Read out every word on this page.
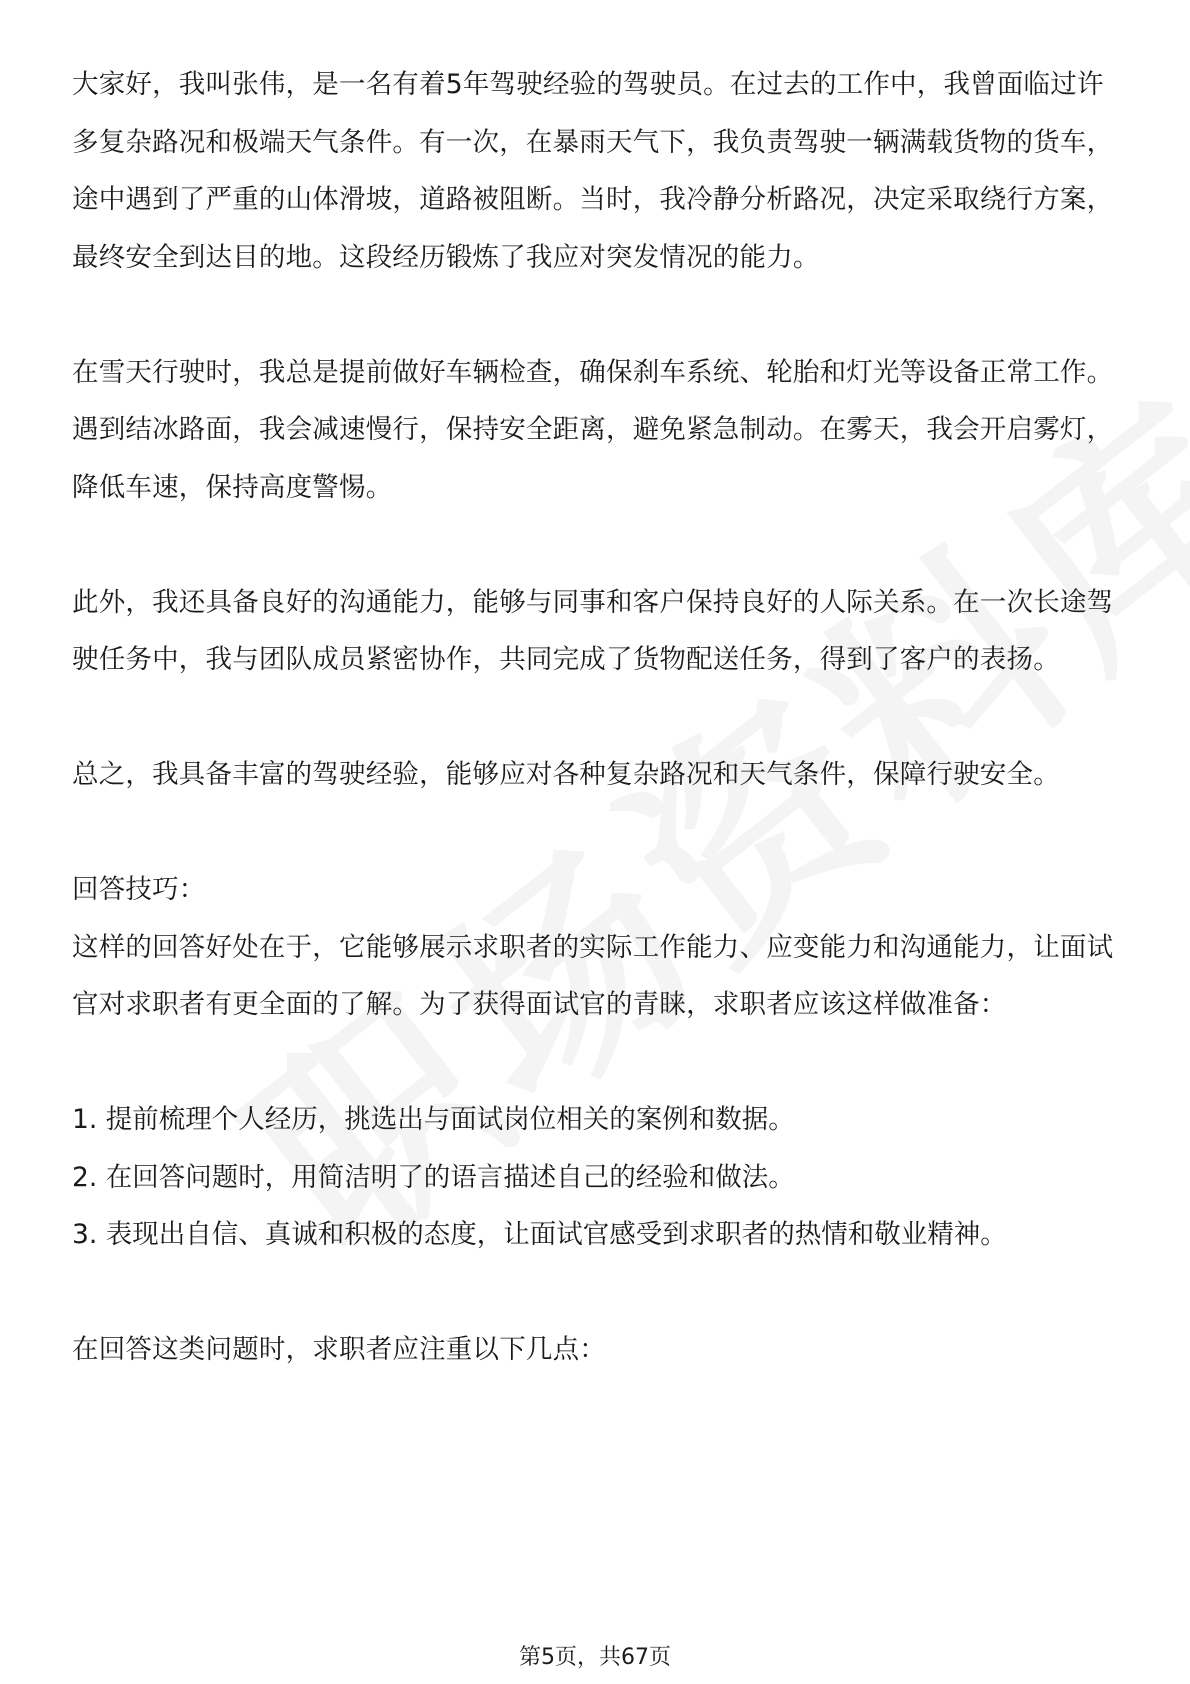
大家好，我叫张伟，是一名有着5年驾驶经验的驾驶员。在过去的工作中，我曾面临过许多复杂路况和极端天气条件。有一次，在暴雨天气下，我负责驾驶一辆满载货物的货车，途中遇到了严重的山体滑坡，道路被阻断。当时，我冷静分析路况，决定采取绕行方案，最终安全到达目的地。这段经历锻炼了我应对突发情况的能力。

在雪天行驶时，我总是提前做好车辆检查，确保刹车系统、轮胎和灯光等设备正常工作。遇到结冰路面，我会减速慢行，保持安全距离，避免紧急制动。在雾天，我会开启雾灯，降低车速，保持高度警惕。

此外，我还具备良好的沟通能力，能够与同事和客户保持良好的人际关系。在一次长途驾驶任务中，我与团队成员紧密协作，共同完成了货物配送任务，得到了客户的表扬。

总之，我具备丰富的驾驶经验，能够应对各种复杂路况和天气条件，保障行驶安全。

回答技巧：

这样的回答好处在于，它能够展示求职者的实际工作能力、应变能力和沟通能力，让面试官对求职者有更全面的了解。为了获得面试官的青睐，求职者应该这样做准备：

1. 提前梳理个人经历，挑选出与面试岗位相关的案例和数据。

2. 在回答问题时，用简洁明了的语言描述自己的经验和做法。

3. 表现出自信、真诚和积极的态度，让面试官感受到求职者的热情和敬业精神。

在回答这类问题时，求职者应注重以下几点：

第5页，共67页
